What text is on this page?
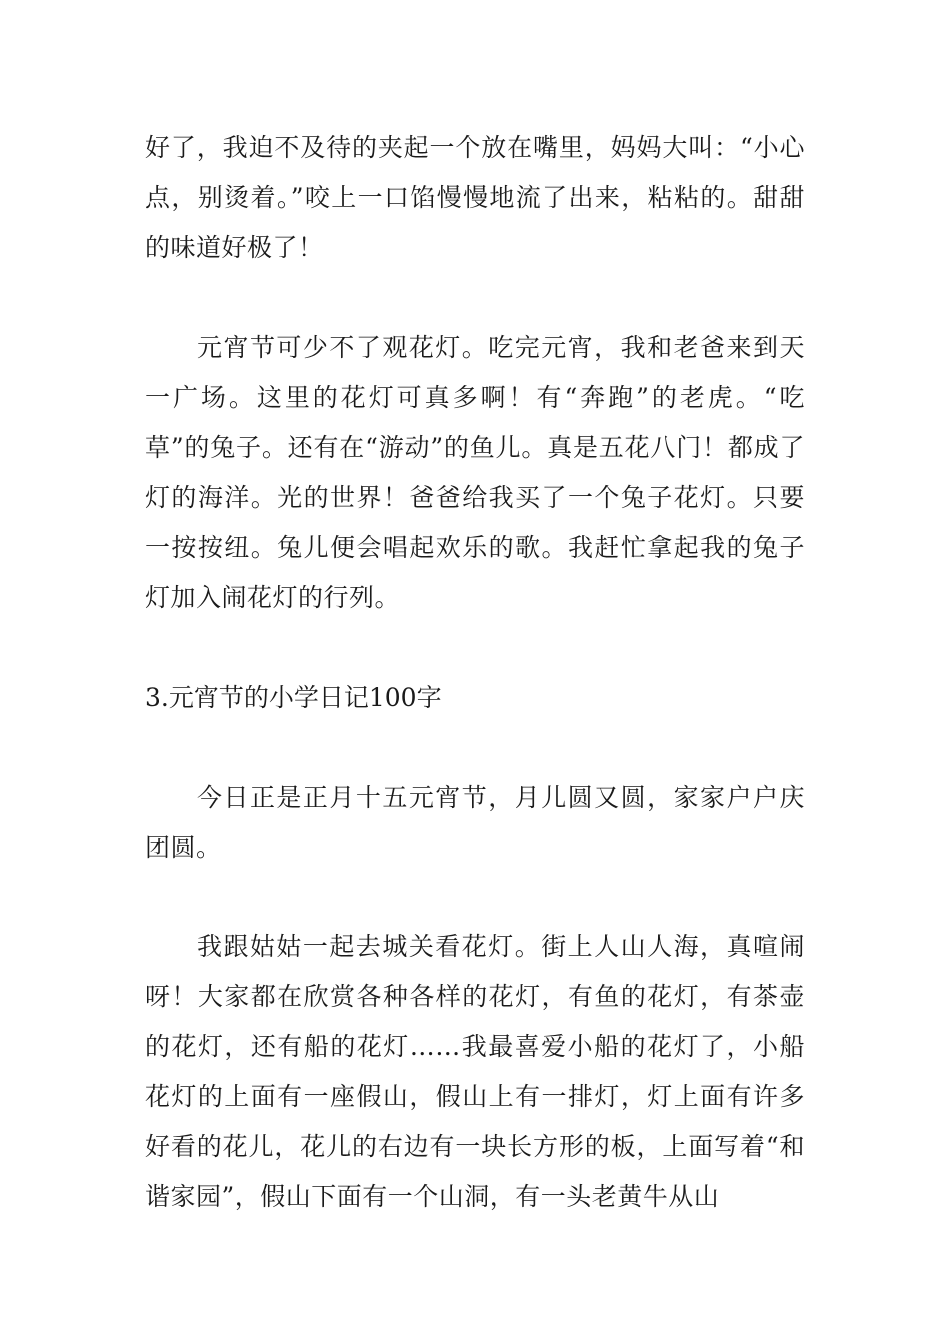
好了，我迫不及待的夹起一个放在嘴里，妈妈大叫：“小心点，别烫着。”咬上一口馅慢慢地流了出来，粘粘的。甜甜的味道好极了！

元宵节可少不了观花灯。吃完元宵，我和老爸来到天一广场。这里的花灯可真多啊！有“奔跑”的老虎。“吃草”的兔子。还有在“游动”的鱼儿。真是五花八门！都成了灯的海洋。光的世界！爸爸给我买了一个兔子花灯。只要一按按纽。兔儿便会唱起欢乐的歌。我赶忙拿起我的兔子灯加入闹花灯的行列。

3.元宵节的小学日记100字

今日正是正月十五元宵节，月儿圆又圆，家家户户庆团圆。

我跟姑姑一起去城关看花灯。街上人山人海，真喧闹呀！大家都在欣赏各种各样的花灯，有鱼的花灯，有茶壶的花灯，还有船的花灯……我最喜爱小船的花灯了，小船花灯的上面有一座假山，假山上有一排灯，灯上面有许多好看的花儿，花儿的右边有一块长方形的板，上面写着“和谐家园”，假山下面有一个山洞，有一头老黄牛从山
